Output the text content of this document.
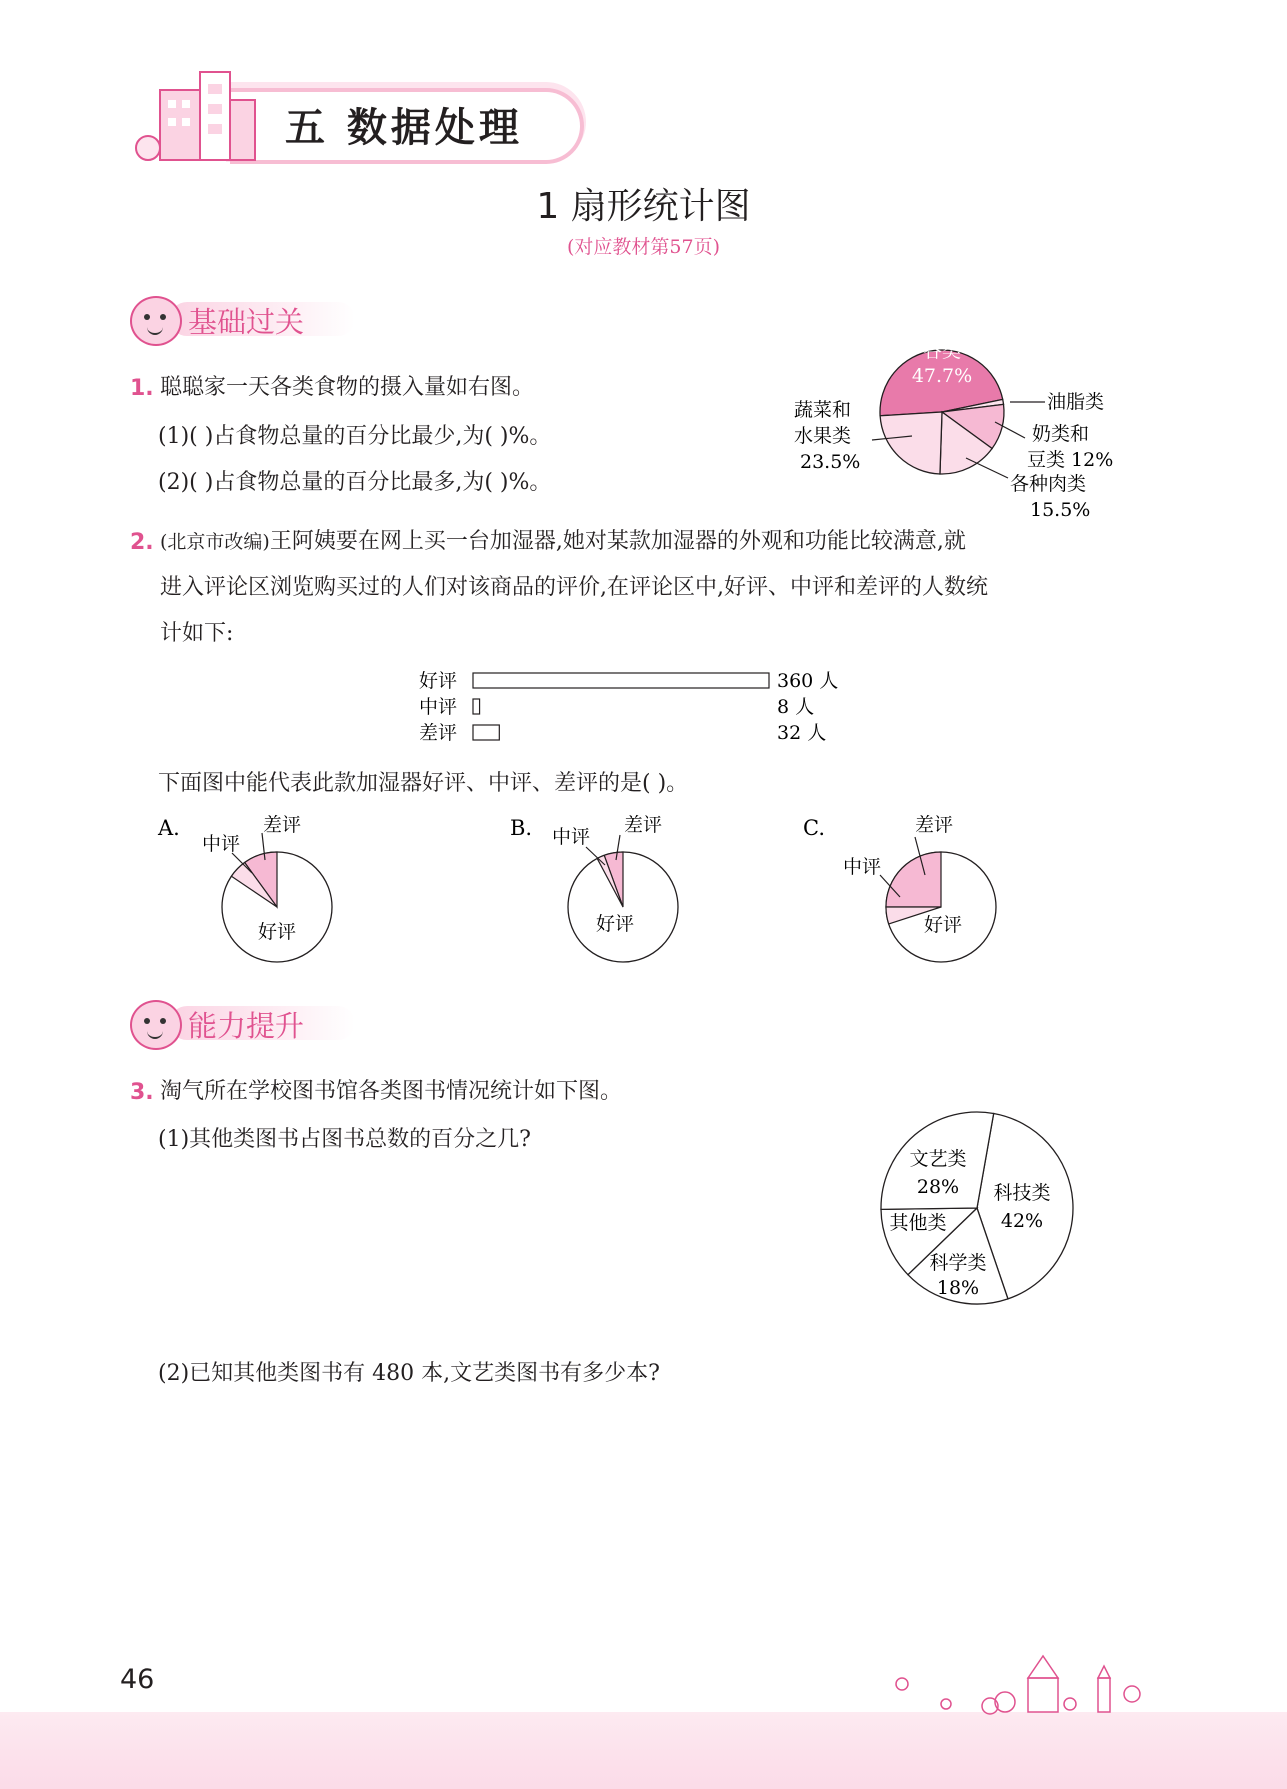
五 数据处理
1 扇形统计图
(对应教材第57页)
基础过关
1. 聪聪家一天各类食物的摄入量如右图。
(1)( )占食物总量的百分比最少,为( )%。
(2)( )占食物总量的百分比最多,为( )%。
谷类
47.7%
油脂类
奶类和
豆类 12%
各种肉类
15.5%
蔬菜和
水果类
23.5%
2. (北京市改编)王阿姨要在网上买一台加湿器,她对某款加湿器的外观和功能比较满意,就
进入评论区浏览购买过的人们对该商品的评价,在评论区中,好评、中评和差评的人数统
计如下:
好评	360 人
中评	8 人
差评	32 人
下面图中能代表此款加湿器好评、中评、差评的是( )。
A.	差评
中评
好评
B.	差评
中评
好评
C.	差评
中评
好评
能力提升
3. 淘气所在学校图书馆各类图书情况统计如下图。
(1)其他类图书占图书总数的百分之几?
(2)已知其他类图书有 480 本,文艺类图书有多少本?
文艺类
28% 科技类
42%
其他类
科学类
18%
46
